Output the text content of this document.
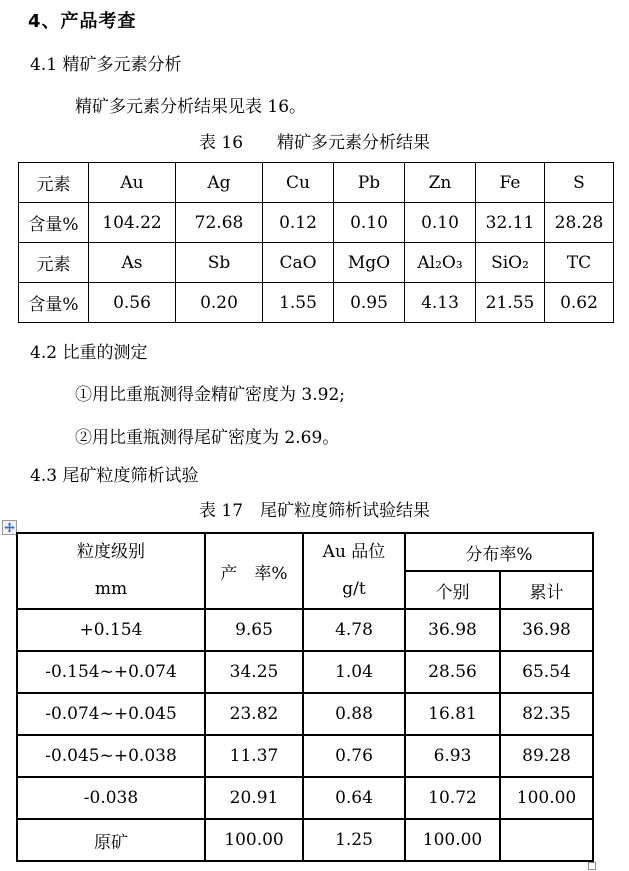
4、产品考查
4.1 精矿多元素分析
精矿多元素分析结果见表 16。
表 16　　精矿多元素分析结果
元素	Au	Ag	Cu	Pb	Zn	Fe	S
含量%	104.22	72.68	0.12	0.10	0.10	32.11	28.28
元素	As	Sb	CaO	MgO	Al₂O₃	SiO₂	TC
含量%	0.56	0.20	1.55	0.95	4.13	21.55	0.62
4.2 比重的测定
①用比重瓶测得金精矿密度为 3.92;
②用比重瓶测得尾矿密度为 2.69。
4.3 尾矿粒度筛析试验
表 17　尾矿粒度筛析试验结果
粒度级别
mm
	产　率%	
Au 品位
g/t
	分布率%
			个别	累计
+0.154	9.65	4.78	36.98	36.98
-0.154~+0.074	34.25	1.04	28.56	65.54
-0.074~+0.045	23.82	0.88	16.81	82.35
-0.045~+0.038	11.37	0.76	6.93	89.28
-0.038	20.91	0.64	10.72	100.00
原矿	100.00	1.25	100.00	
